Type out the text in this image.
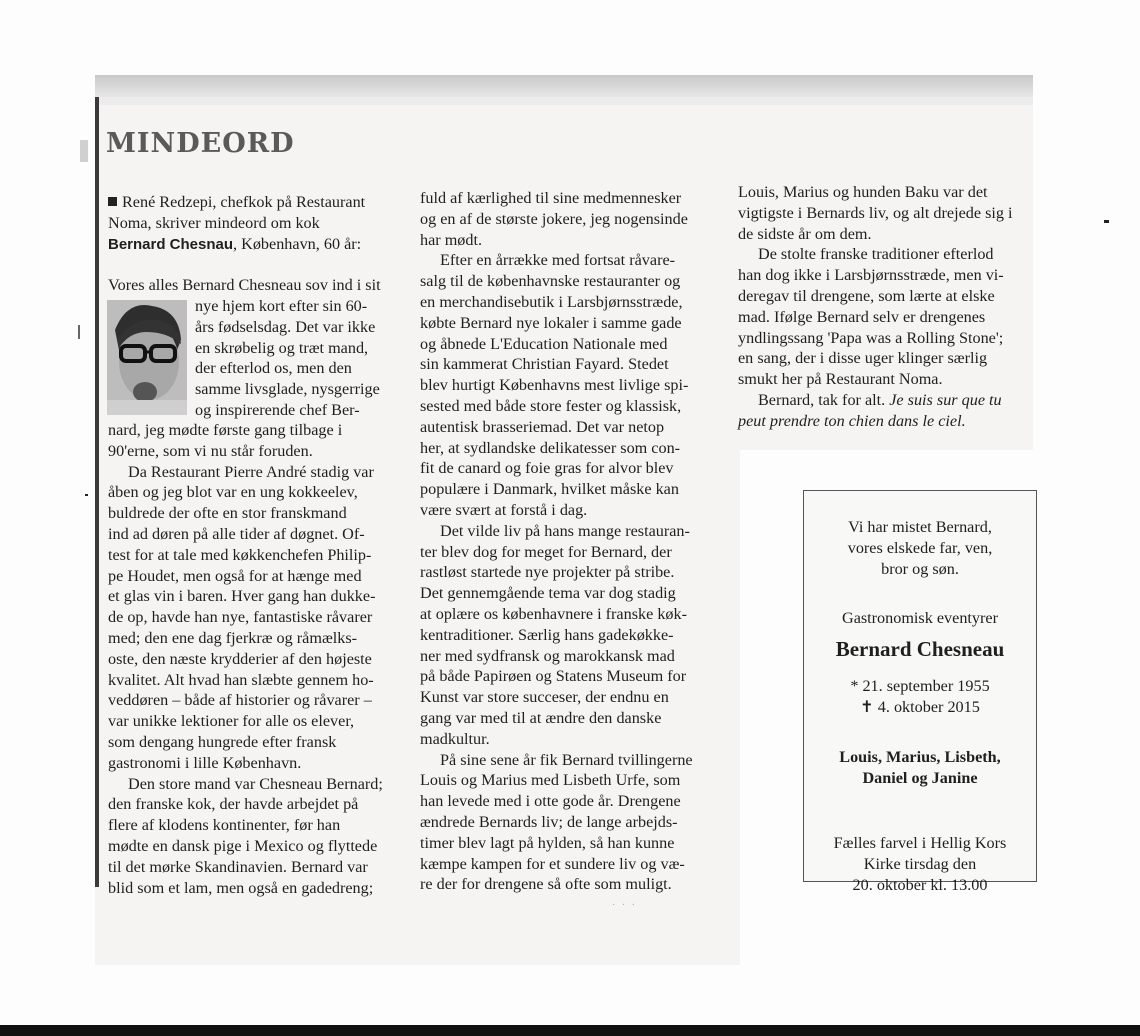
MINDEORD
René Redzepi, chefkok på Restaurant
Noma, skriver mindeord om kok
Bernard Chesnau, København, 60 år:

Vores alles Bernard Chesneau sov ind i sit

nye hjem kort efter sin 60-
års fødselsdag. Det var ikke
en skrøbelig og træt mand,
der efterlod os, men den
samme livsglade, nysgerrige
og inspirerende chef Ber-

nard, jeg mødte første gang tilbage i
90'erne, som vi nu står foruden.

Da Restaurant Pierre André stadig var
åben og jeg blot var en ung kokkeelev,
buldrede der ofte en stor franskmand
ind ad døren på alle tider af døgnet. Of-
test for at tale med køkkenchefen Philip-
pe Houdet, men også for at hænge med
et glas vin i baren. Hver gang han dukke-
de op, havde han nye, fantastiske råvarer
med; den ene dag fjerkræ og råmælks-
oste, den næste krydderier af den højeste
kvalitet. Alt hvad han slæbte gennem ho-
veddøren – både af historier og råvarer –
var unikke lektioner for alle os elever,
som dengang hungrede efter fransk
gastronomi i lille København.

Den store mand var Chesneau Bernard;
den franske kok, der havde arbejdet på
flere af klodens kontinenter, før han
mødte en dansk pige i Mexico og flyttede
til det mørke Skandinavien. Bernard var
blid som et lam, men også en gadedreng;

fuld af kærlighed til sine medmennesker
og en af de største jokere, jeg nogensinde
har mødt.

Efter en årrække med fortsat råvare-
salg til de københavnske restauranter og
en merchandisebutik i Larsbjørnsstræde,
købte Bernard nye lokaler i samme gade
og åbnede L'Education Nationale med
sin kammerat Christian Fayard. Stedet
blev hurtigt Københavns mest livlige spi-
sested med både store fester og klassisk,
autentisk brasseriemad. Det var netop
her, at sydlandske delikatesser som con-
fit de canard og foie gras for alvor blev
populære i Danmark, hvilket måske kan
være svært at forstå i dag.

Det vilde liv på hans mange restauran-
ter blev dog for meget for Bernard, der
rastløst startede nye projekter på stribe.
Det gennemgående tema var dog stadig
at oplære os københavnere i franske køk-
kentraditioner. Særlig hans gadekøkke-
ner med sydfransk og marokkansk mad
på både Papirøen og Statens Museum for
Kunst var store succeser, der endnu en
gang var med til at ændre den danske
madkultur.

På sine sene år fik Bernard tvillingerne
Louis og Marius med Lisbeth Urfe, som
han levede med i otte gode år. Drengene
ændrede Bernards liv; de lange arbejds-
timer blev lagt på hylden, så han kunne
kæmpe kampen for et sundere liv og væ-
re der for drengene så ofte som muligt.

Louis, Marius og hunden Baku var det
vigtigste i Bernards liv, og alt drejede sig i
de sidste år om dem.

De stolte franske traditioner efterlod
han dog ikke i Larsbjørnsstræde, men vi-
deregav til drengene, som lærte at elske
mad. Ifølge Bernard selv er drengenes
yndlingssang 'Papa was a Rolling Stone';
en sang, der i disse uger klinger særlig
smukt her på Restaurant Noma.

Bernard, tak for alt. Je suis sur que tu
peut prendre ton chien dans le ciel.

Vi har mistet Bernard,
vores elskede far, ven,
bror og søn.

Gastronomisk eventyrer
Bernard Chesneau
* 21. september 1955
✝ 4. oktober 2015

Louis, Marius, Lisbeth,
Daniel og Janine

Fælles farvel i Hellig Kors
Kirke tirsdag den
20. oktober kl. 13.00

· · ·
